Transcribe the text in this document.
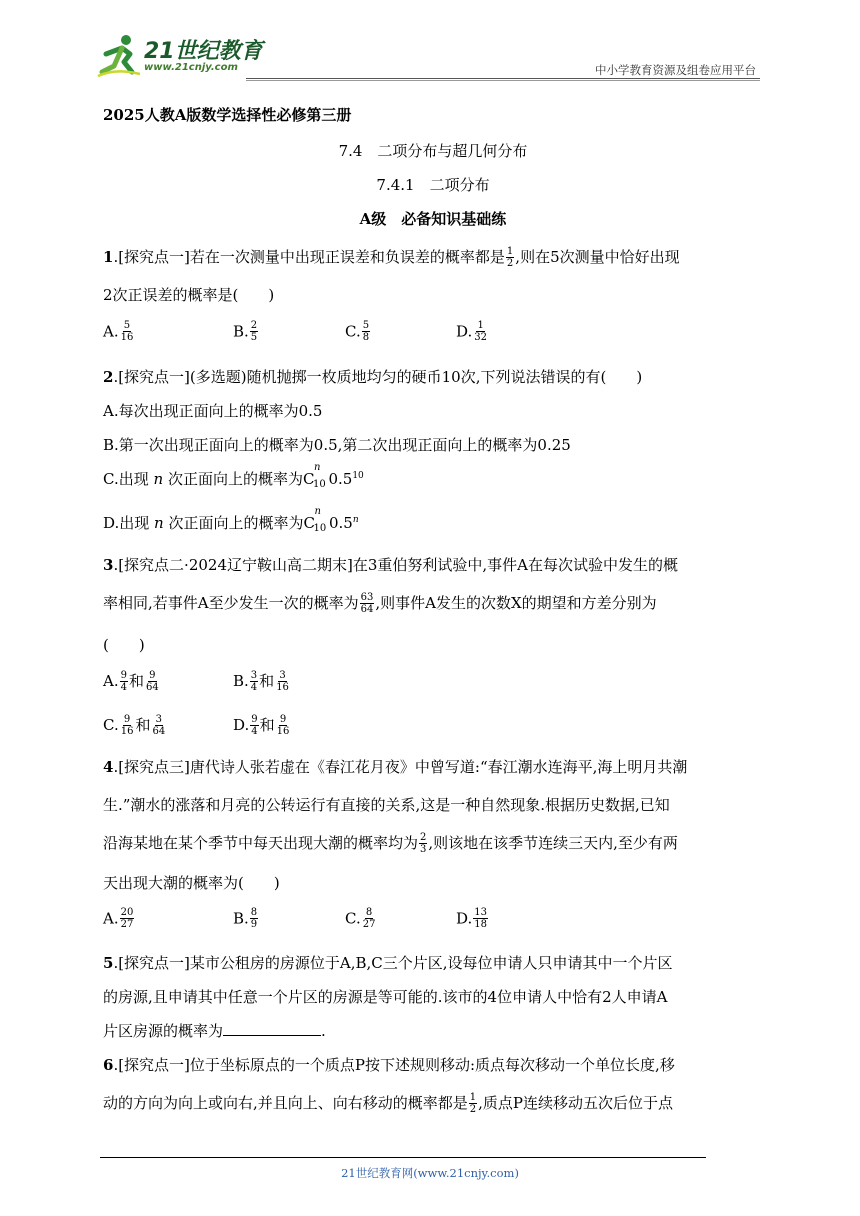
21世纪教育
www.21cnjy.com	中小学教育资源及组卷应用平台
2025人教A版数学选择性必修第三册
7.4　二项分布与超几何分布
7.4.1　二项分布
A级　必备知识基础练
1.[探究点一]若在一次测量中出现正误差和负误差的概率都是 $\frac{1}{2}$ ,则在5次测量中恰好出现
2次正误差的概率是(　　)
A. $\frac{5}{16}$	B. $\frac{2}{5}$	C. $\frac{5}{8}$	D. $\frac{1}{32}$
2.[探究点一](多选题)随机抛掷一枚质地均匀的硬币10次,下列说法错误的有(　　)
A.每次出现正面向上的概率为0.5
B.第一次出现正面向上的概率为0.5,第二次出现正面向上的概率为0.25
C.出现 n 次正面向上的概率为C
n
10 $0.5^{10}$
D.出现 n 次正面向上的概率为C
n
10 0.5$^n$
3.[探究点二·2024辽宁鞍山高二期末]在3重伯努利试验中,事件A在每次试验中发生的概
率相同,若事件A至少发生一次的概率为 $\frac{63}{64}$ ,则事件A发生的次数X的期望和方差分别为
(　　)
A. $\frac{9}{4}$ 和 $\frac{9}{64}$	B. $\frac{3}{4}$ 和 $\frac{3}{16}$
C. $\frac{9}{16}$ 和 $\frac{3}{64}$	D. $\frac{9}{4}$ 和 $\frac{9}{16}$
4.[探究点三]唐代诗人张若虚在《春江花月夜》中曾写道:“春江潮水连海平,海上明月共潮
生.”潮水的涨落和月亮的公转运行有直接的关系,这是一种自然现象.根据历史数据,已知
沿海某地在某个季节中每天出现大潮的概率均为 $\frac{2}{3}$ ,则该地在该季节连续三天内,至少有两
天出现大潮的概率为(　　)
A. $\frac{20}{27}$	B. $\frac{8}{9}$	C. $\frac{8}{27}$	D. $\frac{13}{18}$
5.[探究点一]某市公租房的房源位于A,B,C三个片区,设每位申请人只申请其中一个片区
的房源,且申请其中任意一个片区的房源是等可能的.该市的4位申请人中恰有2人申请A
片区房源的概率为	.
6.[探究点一]位于坐标原点的一个质点P按下述规则移动:质点每次移动一个单位长度,移
动的方向为向上或向右,并且向上、向右移动的概率都是 $\frac{1}{2}$ ,质点P连续移动五次后位于点
21世纪教育网(www.21cnjy.com)
